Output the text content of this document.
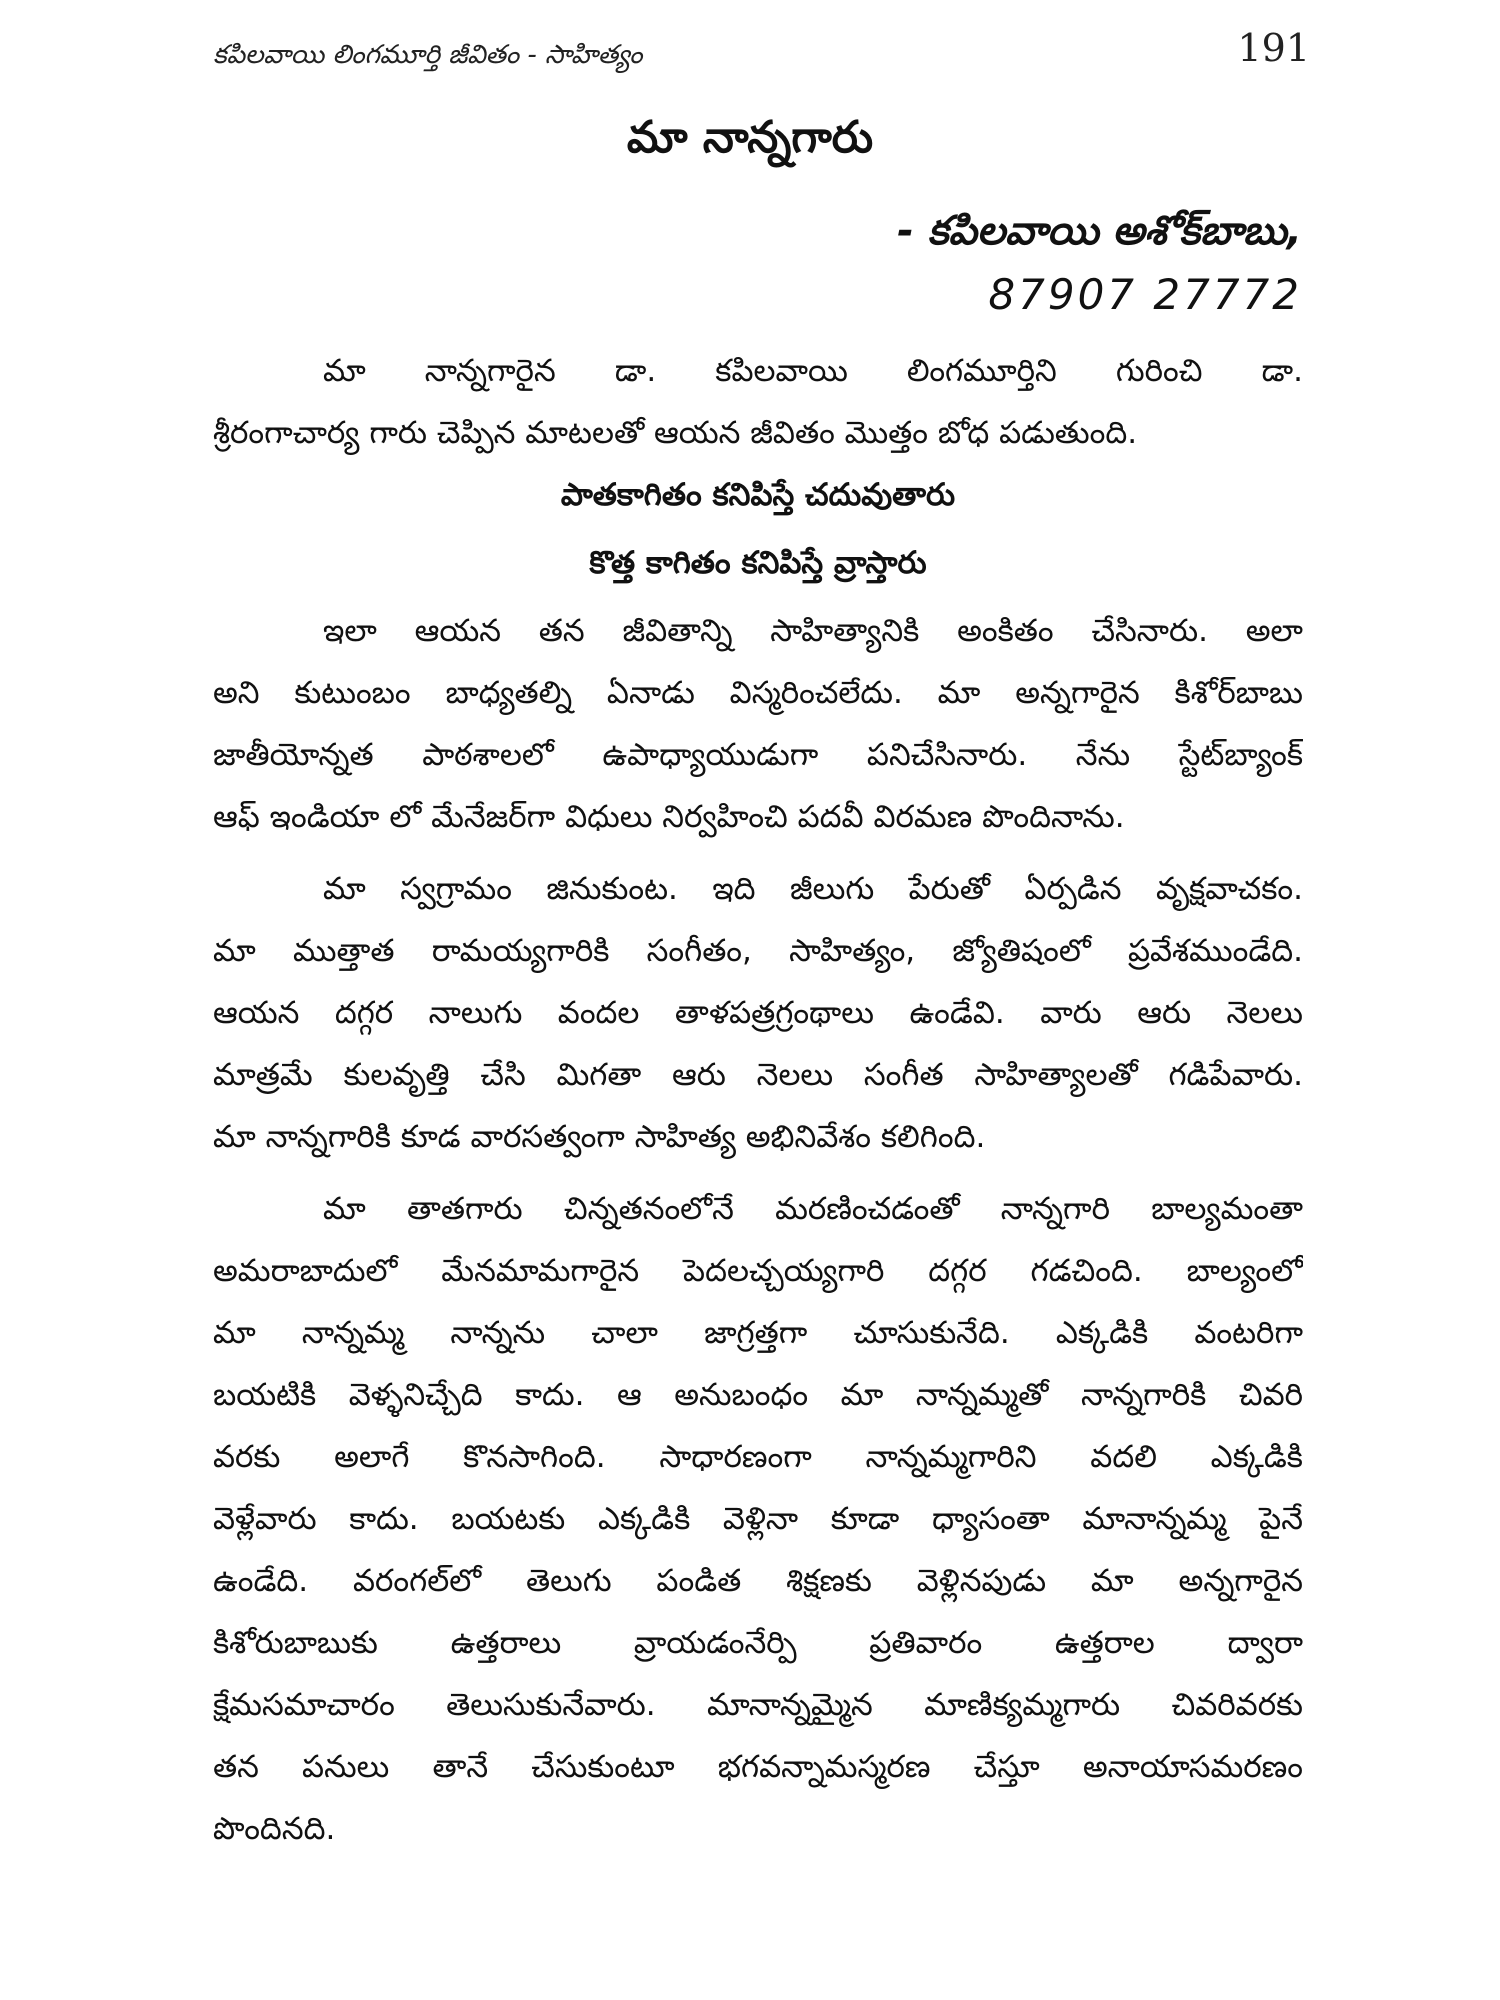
కపిలవాయి లింగమూర్తి జీవితం - సాహిత్యం	191
మా నాన్నగారు
- కపిలవాయి అశోక్‌బాబు,
87907 27772
మా నాన్నగారైన డా. కపిలవాయి లింగమూర్తిని గురించి డా.
శ్రీరంగాచార్య గారు చెప్పిన మాటలతో ఆయన జీవితం మొత్తం బోధ పడుతుంది.
పాతకాగితం కనిపిస్తే చదువుతారు
కొత్త కాగితం కనిపిస్తే వ్రాస్తారు
ఇలా ఆయన తన జీవితాన్ని సాహిత్యానికి అంకితం చేసినారు. అలా
అని కుటుంబం బాధ్యతల్ని ఏనాడు విస్మరించలేదు. మా అన్నగారైన కిశోర్‌బాబు
జాతీయోన్నత పాఠశాలలో ఉపాధ్యాయుడుగా పనిచేసినారు. నేను స్టేట్‌బ్యాంక్
ఆఫ్ ఇండియా లో మేనేజర్‌గా విధులు నిర్వహించి పదవీ విరమణ పొందినాను.
మా స్వగ్రామం జినుకుంట. ఇది జీలుగు పేరుతో ఏర్పడిన వృక్షవాచకం.
మా ముత్తాత రామయ్యగారికి సంగీతం, సాహిత్యం, జ్యోతిషంలో ప్రవేశముండేది.
ఆయన దగ్గర నాలుగు వందల తాళపత్రగ్రంథాలు ఉండేవి. వారు ఆరు నెలలు
మాత్రమే కులవృత్తి చేసి మిగతా ఆరు నెలలు సంగీత సాహిత్యాలతో గడిపేవారు.
మా నాన్నగారికి కూడ వారసత్వంగా సాహిత్య అభినివేశం కలిగింది.
మా తాతగారు చిన్నతనంలోనే మరణించడంతో నాన్నగారి బాల్యమంతా
అమరాబాదులో మేనమామగారైన పెదలచ్చయ్యగారి దగ్గర గడచింది. బాల్యంలో
మా నాన్నమ్మ నాన్నను చాలా జాగ్రత్తగా చూసుకునేది. ఎక్కడికి వంటరిగా
బయటికి వెళ్ళనిచ్చేది కాదు. ఆ అనుబంధం మా నాన్నమ్మతో నాన్నగారికి చివరి
వరకు అలాగే కొనసాగింది. సాధారణంగా నాన్నమ్మగారిని వదలి ఎక్కడికి
వెళ్లేవారు కాదు. బయటకు ఎక్కడికి వెళ్లినా కూడా ధ్యాసంతా మానాన్నమ్మ పైనే
ఉండేది. వరంగల్‌లో తెలుగు పండిత శిక్షణకు వెళ్లినపుడు మా అన్నగారైన
కిశోరుబాబుకు ఉత్తరాలు వ్రాయడంనేర్పి ప్రతివారం ఉత్తరాల ద్వారా
క్షేమసమాచారం తెలుసుకునేవారు. మానాన్నమ్మైన మాణిక్యమ్మగారు చివరివరకు
తన పనులు తానే చేసుకుంటూ భగవన్నామస్మరణ చేస్తూ అనాయాసమరణం
పొందినది.
